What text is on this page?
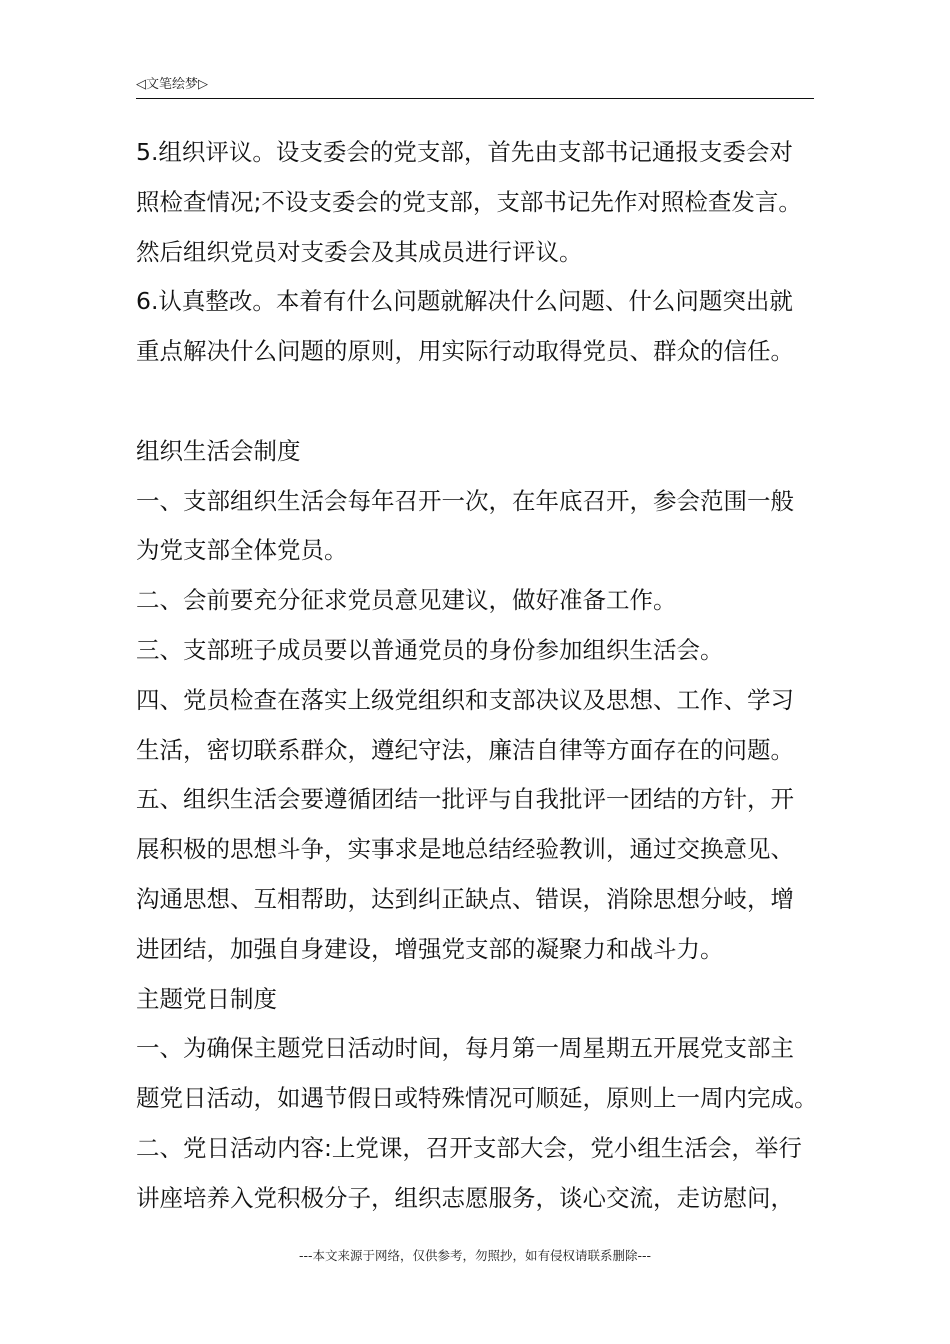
◁文笔绘梦▷

5.组织评议。设支委会的党支部，首先由支部书记通报支委会对

照检查情况;不设支委会的党支部，支部书记先作对照检查发言。

然后组织党员对支委会及其成员进行评议。

6.认真整改。本着有什么问题就解决什么问题、什么问题突出就

重点解决什么问题的原则，用实际行动取得党员、群众的信任。

组织生活会制度

一、支部组织生活会每年召开一次，在年底召开，参会范围一般

为党支部全体党员。

二、会前要充分征求党员意见建议，做好准备工作。

三、支部班子成员要以普通党员的身份参加组织生活会。

四、党员检查在落实上级党组织和支部决议及思想、工作、学习

生活，密切联系群众，遵纪守法，廉洁自律等方面存在的问题。

五、组织生活会要遵循团结一批评与自我批评一团结的方针，开

展积极的思想斗争，实事求是地总结经验教训，通过交换意见、

沟通思想、互相帮助，达到纠正缺点、错误，消除思想分岐，增

进团结，加强自身建设，增强党支部的凝聚力和战斗力。

主题党日制度

一、为确保主题党日活动时间，每月第一周星期五开展党支部主

题党日活动，如遇节假日或特殊情况可顺延，原则上一周内完成。

二、党日活动内容:上党课，召开支部大会，党小组生活会，举行

讲座培养入党积极分子，组织志愿服务，谈心交流，走访慰问，

---本文来源于网络，仅供参考，勿照抄，如有侵权请联系删除---
